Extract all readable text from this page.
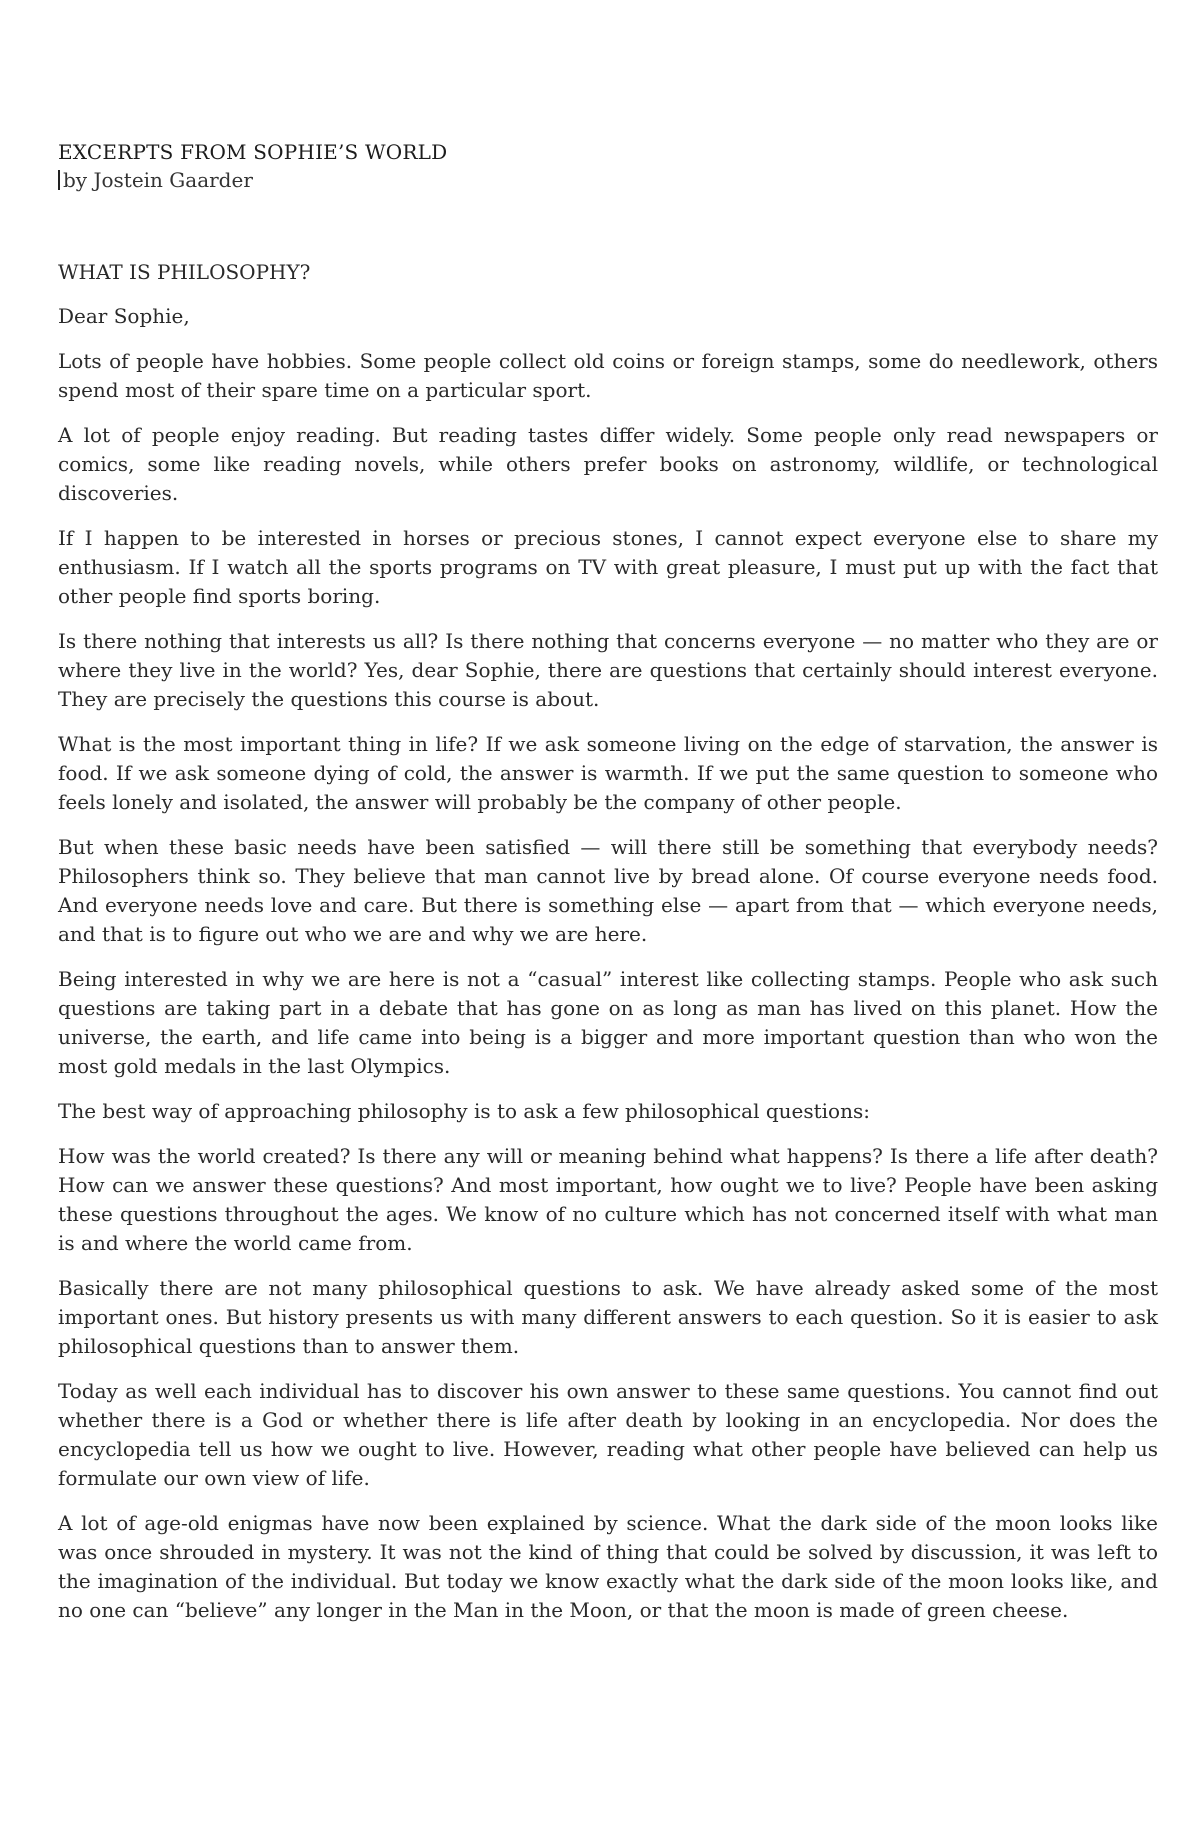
EXCERPTS FROM SOPHIE’S WORLD

by Jostein Gaarder

WHAT IS PHILOSOPHY?

Dear Sophie,

Lots of people have hobbies. Some people collect old coins or foreign stamps, some do needlework, others spend most of their spare time on a particular sport.

A lot of people enjoy reading. But reading tastes differ widely. Some people only read newspapers or comics, some like reading novels, while others prefer books on astronomy, wildlife, or technological discoveries.

If I happen to be interested in horses or precious stones, I cannot expect everyone else to share my enthusiasm. If I watch all the sports programs on TV with great pleasure, I must put up with the fact that other people find sports boring.

Is there nothing that interests us all? Is there nothing that concerns everyone — no matter who they are or where they live in the world? Yes, dear Sophie, there are questions that certainly should interest everyone. They are precisely the questions this course is about.

What is the most important thing in life? If we ask someone living on the edge of starvation, the answer is food. If we ask someone dying of cold, the answer is warmth. If we put the same question to someone who feels lonely and isolated, the answer will probably be the company of other people.

But when these basic needs have been satisfied — will there still be something that everybody needs? Philosophers think so. They believe that man cannot live by bread alone. Of course everyone needs food. And everyone needs love and care. But there is something else — apart from that — which everyone needs, and that is to figure out who we are and why we are here.

Being interested in why we are here is not a “casual” interest like collecting stamps. People who ask such questions are taking part in a debate that has gone on as long as man has lived on this planet. How the universe, the earth, and life came into being is a bigger and more important question than who won the most gold medals in the last Olympics.

The best way of approaching philosophy is to ask a few philosophical questions:

How was the world created? Is there any will or meaning behind what happens? Is there a life after death? How can we answer these questions? And most important, how ought we to live? People have been asking these questions throughout the ages. We know of no culture which has not concerned itself with what man is and where the world came from.

Basically there are not many philosophical questions to ask. We have already asked some of the most important ones. But history presents us with many different answers to each question. So it is easier to ask philosophical questions than to answer them.

Today as well each individual has to discover his own answer to these same questions. You cannot find out whether there is a God or whether there is life after death by looking in an encyclopedia. Nor does the encyclopedia tell us how we ought to live. However, reading what other people have believed can help us formulate our own view of life.

A lot of age-old enigmas have now been explained by science. What the dark side of the moon looks like was once shrouded in mystery. It was not the kind of thing that could be solved by discussion, it was left to the imagination of the individual. But today we know exactly what the dark side of the moon looks like, and no one can “believe” any longer in the Man in the Moon, or that the moon is made of green cheese.
